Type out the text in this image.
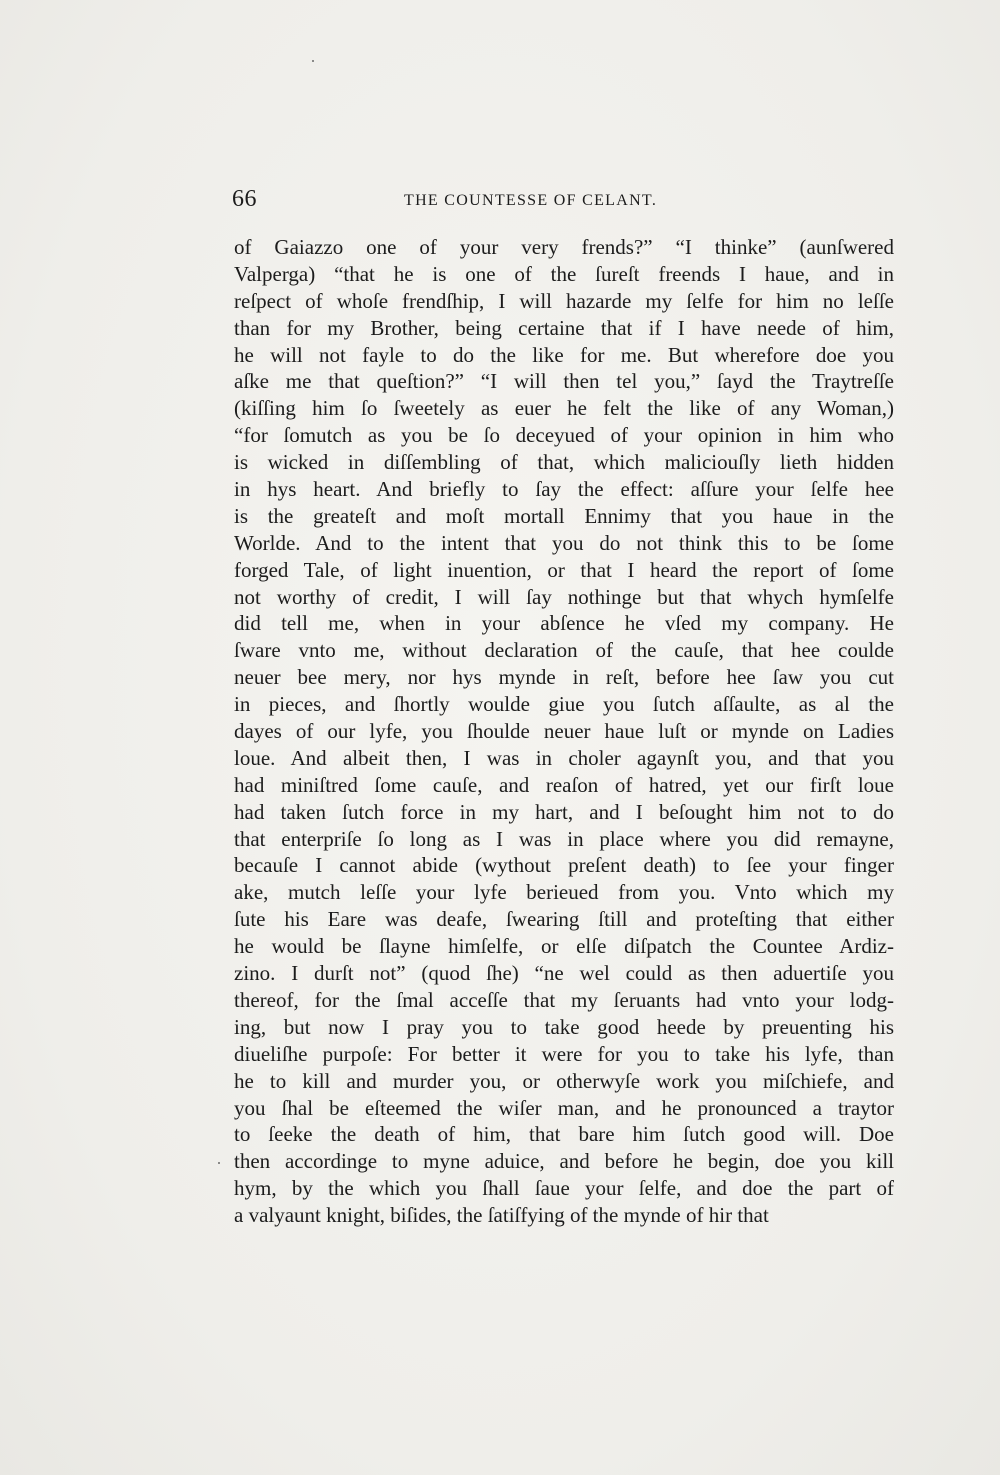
66	THE COUNTESSE OF CELANT.
of Gaiazzo one of your very frends?” “I thinke” (aunſwered
Valperga) “that he is one of the ſureſt freends I haue, and in
reſpect of whoſe frendſhip, I will hazarde my ſelfe for him no leſſe
than for my Brother, being certaine that if I have neede of him,
he will not fayle to do the like for me. But wherefore doe you
aſke me that queſtion?” “I will then tel you,” ſayd the Traytreſſe
(kiſſing him ſo ſweetely as euer he felt the like of any Woman,)
“for ſomutch as you be ſo deceyued of your opinion in him who
is wicked in diſſembling of that, which maliciouſly lieth hidden
in hys heart. And briefly to ſay the effect: aſſure your ſelfe hee
is the greateſt and moſt mortall Ennimy that you haue in the
Worlde. And to the intent that you do not think this to be ſome
forged Tale, of light inuention, or that I heard the report of ſome
not worthy of credit, I will ſay nothinge but that whych hymſelfe
did tell me, when in your abſence he vſed my company. He
ſware vnto me, without declaration of the cauſe, that hee coulde
neuer bee mery, nor hys mynde in reſt, before hee ſaw you cut
in pieces, and ſhortly woulde giue you ſutch aſſaulte, as al the
dayes of our lyfe, you ſhoulde neuer haue luſt or mynde on Ladies
loue. And albeit then, I was in choler agaynſt you, and that you
had miniſtred ſome cauſe, and reaſon of hatred, yet our firſt loue
had taken ſutch force in my hart, and I beſought him not to do
that enterpriſe ſo long as I was in place where you did remayne,
becauſe I cannot abide (wythout preſent death) to ſee your finger
ake, mutch leſſe your lyfe berieued from you. Vnto which my
ſute his Eare was deafe, ſwearing ſtill and proteſting that either
he would be ſlayne himſelfe, or elſe diſpatch the Countee Ardiz-
zino. I durſt not” (quod ſhe) “ne wel could as then aduertiſe you
thereof, for the ſmal acceſſe that my ſeruants had vnto your lodg-
ing, but now I pray you to take good heede by preuenting his
diueliſhe purpoſe: For better it were for you to take his lyfe, than
he to kill and murder you, or otherwyſe work you miſchiefe, and
you ſhal be eſteemed the wiſer man, and he pronounced a traytor
to ſeeke the death of him, that bare him ſutch good will. Doe
then accordinge to myne aduice, and before he begin, doe you kill
hym, by the which you ſhall ſaue your ſelfe, and doe the part of
a valyaunt knight, biſides, the ſatiſfying of the mynde of hir that
